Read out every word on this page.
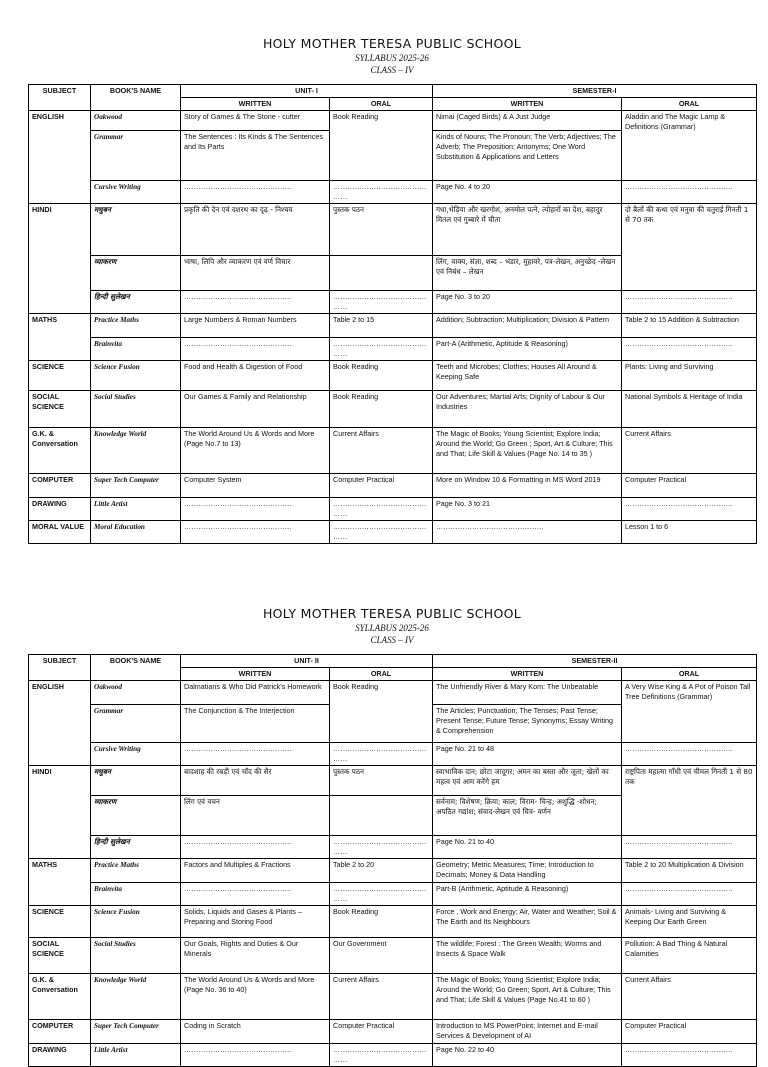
HOLY MOTHER TERESA PUBLIC SCHOOL
SYLLABUS 2025-26
CLASS – IV
SUBJECT	BOOK'S NAME	UNIT- I		SEMESTER-I	
		WRITTEN	ORAL	WRITTEN	ORAL
ENGLISH	Oakwood	Story of Games & The Stone - cutter	Book Reading	Nimai (Caged Birds) & A Just Judge	Aladdin and The Magic Lamp & Definitions (Grammar)
	Grammar	The Sentences : Its Kinds & The Sentences and Its Parts		Kinds of Nouns; The Pronoun; The Verb; Adjectives; The Adverb; The Preposition; Antonyms; One Word Substitution & Applications and Letters	
	Cursive Writing	………………………………………	………………………………………	Page No. 4 to 20	………………………………………
HINDI	मधुबन	प्रकृति की देन एवं दशरथ का दृढ़ - निश्चय	पुस्तक पठन	गधा,भेड़िया और खरगोश, अनमोल पत्ने, त्योहारों का देश, बहादुर मितल एवं गुब्बारे में चीता	दो बैलों की कथा एवं मनुवा की चतुराई गिनती 1 से 70 तक
	व्याकरण	भाषा, लिपि और व्याकरण एवं वर्ण विचार		लिंग, वाक्य, संज्ञा, शब्द – भंडार, मुहावरे, पत्र-लेखन, अनुच्छेद -लेखन एवं निबंध – लेखन	
	हिन्दी सुलेखन	………………………………………	………………………………………	Page No. 3 to 20	………………………………………
MATHS	Practice Maths	Large Numbers & Roman Numbers	Table 2 to 15	Addition; Subtraction; Multiplication; Division & Pattern	Table 2 to 15 Addition & Subtraction
	Brainvita	………………………………………	………………………………………	Part-A (Arithmetic, Aptitude & Reasoning)	………………………………………
SCIENCE	Science Fusion	Food and Health & Digestion of Food	Book Reading	Teeth and Microbes; Clothes; Houses All Around & Keeping Safe	Plants: Living and Surviving
SOCIAL SCIENCE	Social Studies	Our Games & Family and Relationship	Book Reading	Our Adventures; Martial Arts; Dignity of Labour & Our Industries	National Symbols & Heritage of India
G.K. & Conversation	Knowledge World	The World Around Us & Words and More (Page No.7 to 13)	Current Affairs	The Magic of Books; Young Scientist; Explore India; Around the World; Go Green ; Sport, Art & Culture; This and That; Life Skill & Values (Page No. 14 to 35 )	Current Affairs
COMPUTER	Super Tech Computer	Computer System	Computer Practical	More on Window 10 & Formatting in MS Word 2019	Computer Practical
DRAWING	Little Artist	………………………………………	………………………………………	Page No. 3 to 21	………………………………………
MORAL VALUE	Moral Education	………………………………………	………………………………………	………………………………………	Lesson 1 to 6
HOLY MOTHER TERESA PUBLIC SCHOOL
SYLLABUS 2025-26
CLASS – IV
SUBJECT	BOOK'S NAME	UNIT- II		SEMESTER-II	
		WRITTEN	ORAL	WRITTEN	ORAL
ENGLISH	Oakwood	Dalmatians & Who Did Patrick's Homework	Book Reading	The Unfriendly River & Mary Kom: The Unbeatable	A Very Wise King & A Pot of Poison Tall Tree Definitions (Grammar)
	Grammar	The Conjunction & The Interjection		The Articles; Punctuation; The Tenses; Past Tense; Present Tense; Future Tense; Synonyms; Essay Writing & Comprehension	
	Cursive Writing	………………………………………	………………………………………	Page No. 21 to 48	………………………………………
HINDI	मधुबन	बादशाह की रबड़ी एवं चाँद की सैर	पुस्तक पठन	स्वाभाविक दान; छोटा जादूगर; अमन का बस्ता और जूता; खेलों का महत्व एवं आम करेंगे हम	राष्ट्रपिता महात्मा गाँधी एवं चीमल गिनती 1 से 80 तक
	व्याकरण	लिंग एवं वचन		सर्वनाम; विशेषण; क्रिया; काल; विराम- चिन्ह; अशुद्धि -शोधन; अपठित गद्यांश; संवाद-लेखन एवं चित्र- वर्णन	
	हिन्दी सुलेखन	………………………………………	………………………………………	Page No. 21 to 40	………………………………………
MATHS	Practice Maths	Factors and Multiples & Fractions	Table 2 to 20	Geometry; Metric Measures; Time; Introduction to Decimals; Money & Data Handling	Table 2 to 20 Multiplication & Division
	Brainvita	………………………………………	………………………………………	Part-B (Arithmetic, Aptitude & Reasoning)	………………………………………
SCIENCE	Science Fusion	Solids, Liquids and Gases & Plants – Preparing and Storing Food	Book Reading	Force , Work and Energy; Air, Water and Weather; Soil & The Earth and Its Neighbours	Animals- Living and Surviving & Keeping Our Earth Green
SOCIAL SCIENCE	Social Studies	Our Goals, Rights and Duties & Our Minerals	Our Government	The wildlife; Forest : The Green Wealth; Worms and Insects & Space Walk	Pollution: A Bad Thing & Natural Calamities
G.K. & Conversation	Knowledge World	The World Around Us & Words and More (Page No. 36 to 40)	Current Affairs	The Magic of Books; Young Scientist; Explore India; Around the World; Go Green; Sport, Art & Culture; This and That; Life Skill & Values (Page No.41 to 60 )	Current Affairs
COMPUTER	Super Tech Computer	Coding in Scratch	Computer Practical	Introduction to MS PowerPoint; Internet and E-mail Services & Development of AI	Computer Practical
DRAWING	Little Artist	………………………………………	………………………………………	Page No. 22 to 40	………………………………………
